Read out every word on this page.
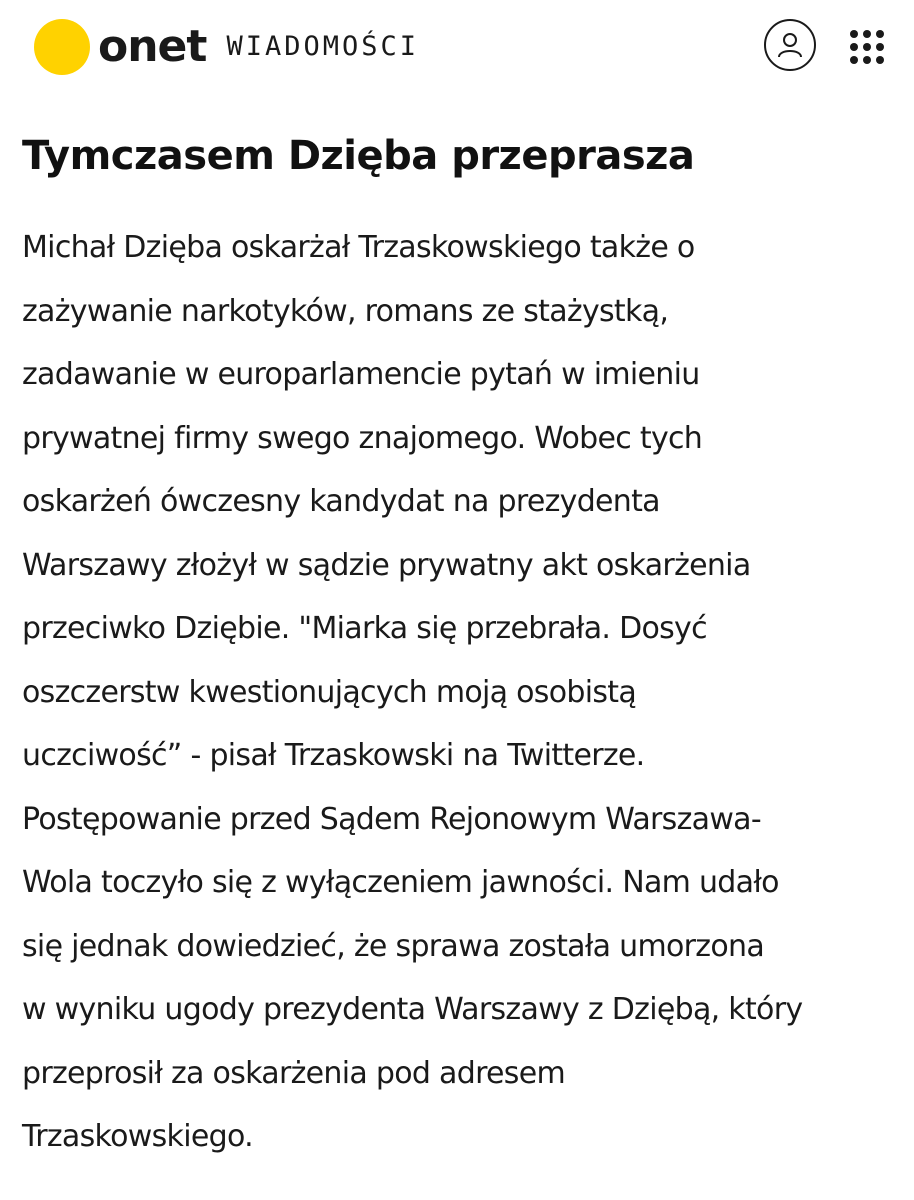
onet WIADOMOŚCI
Tymczasem Dzięba przeprasza

Michał Dzięba oskarżał Trzaskowskiego także o
zażywanie narkotyków, romans ze stażystką,
zadawanie w europarlamencie pytań w imieniu
prywatnej firmy swego znajomego. Wobec tych
oskarżeń ówczesny kandydat na prezydenta
Warszawy złożył w sądzie prywatny akt oskarżenia
przeciwko Dziębie. "Miarka się przebrała. Dosyć
oszczerstw kwestionujących moją osobistą
uczciwość” - pisał Trzaskowski na Twitterze.
Postępowanie przed Sądem Rejonowym Warszawa-
Wola toczyło się z wyłączeniem jawności. Nam udało
się jednak dowiedzieć, że sprawa została umorzona
w wyniku ugody prezydenta Warszawy z Dziębą, który
przeprosił za oskarżenia pod adresem
Trzaskowskiego.
